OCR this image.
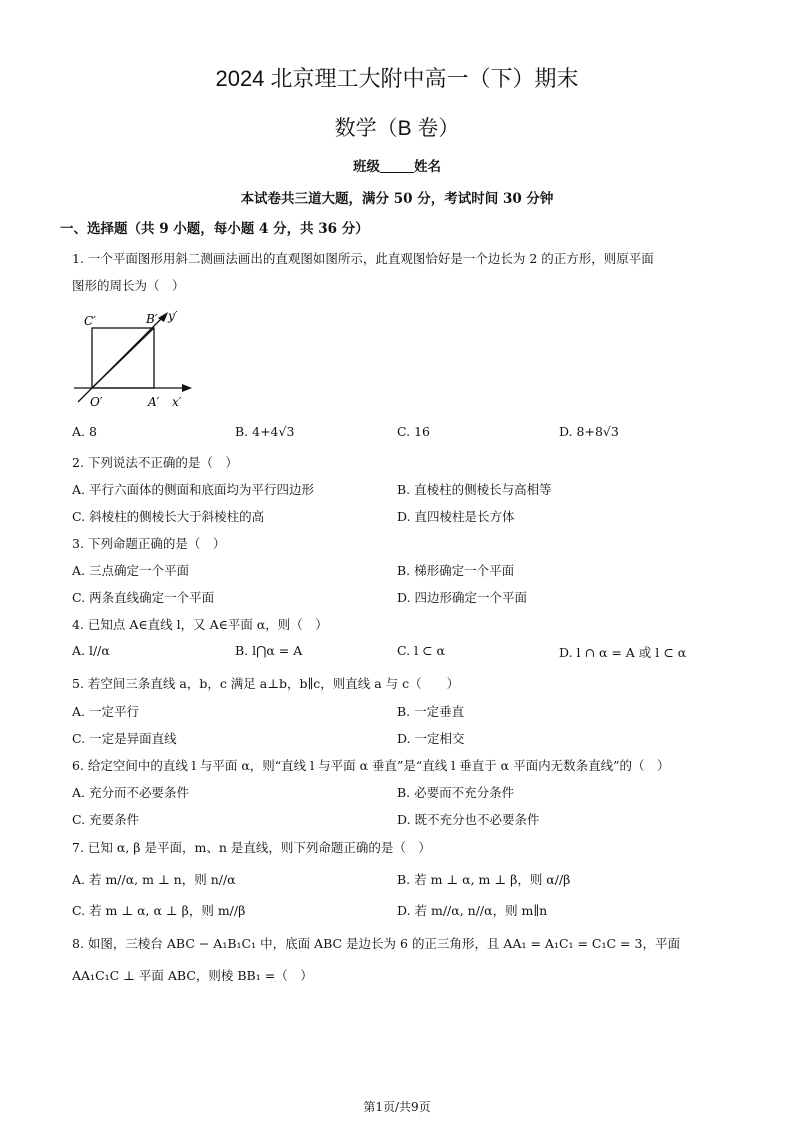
2024 北京理工大附中高一（下）期末
数学（B 卷）
班级	姓名
本试卷共三道大题，满分 50 分，考试时间 30 分钟
一、选择题（共 9 小题，每小题 4 分，共 36 分）
1. 一个平面图形用斜二测画法画出的直观图如图所示，此直观图恰好是一个边长为 2 的正方形，则原平面
图形的周长为（　）
C′	B′ y′
O′	A′ x′
A. 8	B. 4+4√3	C. 16	D. 8+8√3
2. 下列说法不正确的是（　）
A. 平行六面体的侧面和底面均为平行四边形	B. 直棱柱的侧棱长与高相等
C. 斜棱柱的侧棱长大于斜棱柱的高	D. 直四棱柱是长方体
3. 下列命题正确的是（　）
A. 三点确定一个平面	B. 梯形确定一个平面
C. 两条直线确定一个平面	D. 四边形确定一个平面
4. 已知点 A∈直线 l，又 A∈平面 α，则（　）
A. l//α	B. l⋂α = A	C. l ⊂ α	D. l ∩ α = A 或 l ⊂ α
5. 若空间三条直线 a，b，c 满足 a⊥b，b∥c，则直线 a 与 c（　　）
A. 一定平行	B. 一定垂直
C. 一定是异面直线	D. 一定相交
6. 给定空间中的直线 l 与平面 α，则“直线 l 与平面 α 垂直”是“直线 l 垂直于 α 平面内无数条直线”的（　）
A. 充分而不必要条件	B. 必要而不充分条件
C. 充要条件	D. 既不充分也不必要条件
7. 已知 α, β 是平面，m、n 是直线，则下列命题正确的是（　）
A. 若 m//α, m ⊥ n，则 n//α	B. 若 m ⊥ α, m ⊥ β，则 α//β
C. 若 m ⊥ α, α ⊥ β，则 m//β	D. 若 m//α, n//α，则 m∥n
8. 如图，三棱台 ABC − A₁B₁C₁ 中，底面 ABC 是边长为 6 的正三角形，且 AA₁ = A₁C₁ = C₁C = 3，平面
AA₁C₁C ⊥ 平面 ABC，则棱 BB₁ =（　）
第1页/共9页
